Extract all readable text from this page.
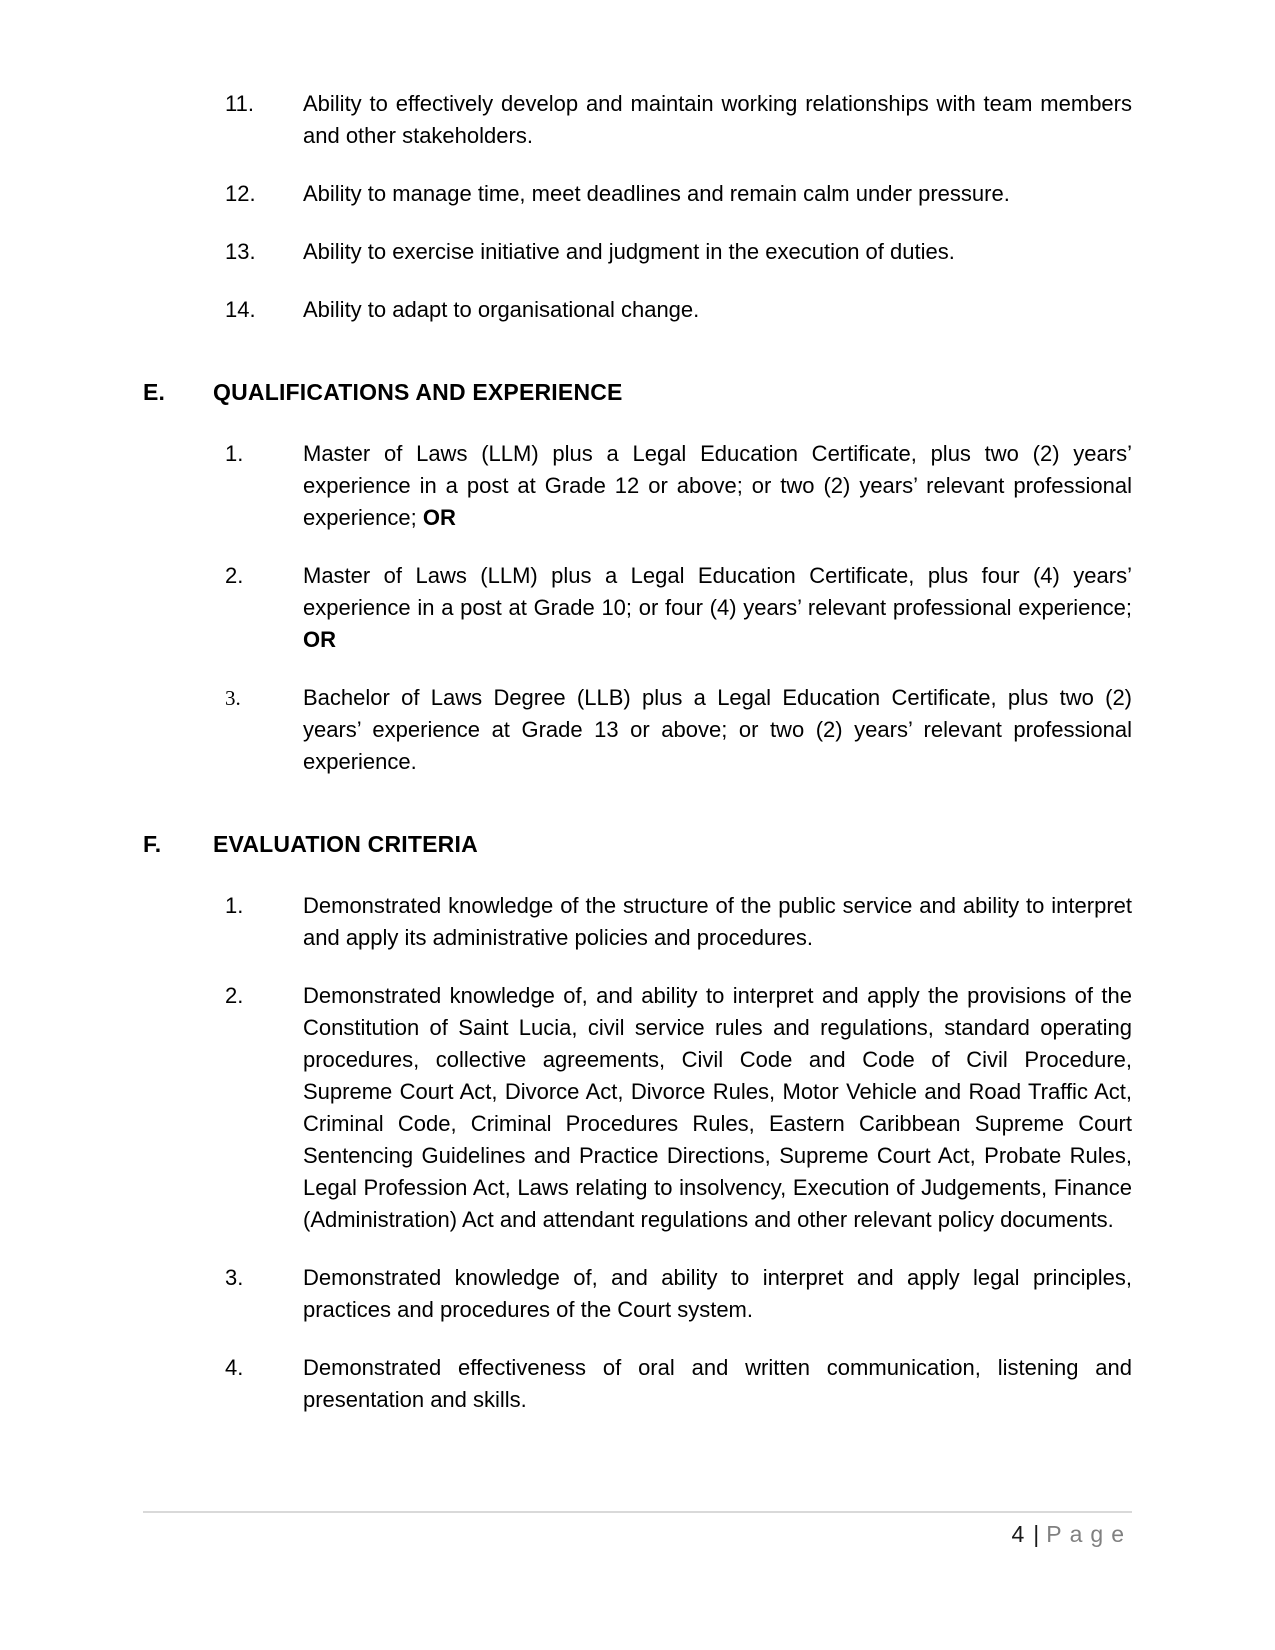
11.	Ability to effectively develop and maintain working relationships with team members and other stakeholders.

12.	Ability to manage time, meet deadlines and remain calm under pressure.

13.	Ability to exercise initiative and judgment in the execution of duties.

14.	Ability to adapt to organisational change.

E.	QUALIFICATIONS AND EXPERIENCE
1.	Master of Laws (LLM) plus a Legal Education Certificate, plus two (2) years’ experience in a post at Grade 12 or above; or two (2) years’ relevant professional experience; OR

2.	Master of Laws (LLM) plus a Legal Education Certificate, plus four (4) years’ experience in a post at Grade 10; or four (4) years’ relevant professional experience; OR

3.	Bachelor of Laws Degree (LLB) plus a Legal Education Certificate, plus two (2) years’ experience at Grade 13 or above; or two (2) years’ relevant professional experience.

F.	EVALUATION CRITERIA
1.	Demonstrated knowledge of the structure of the public service and ability to interpret and apply its administrative policies and procedures.

2.	Demonstrated knowledge of, and ability to interpret and apply the provisions of the Constitution of Saint Lucia, civil service rules and regulations, standard operating procedures, collective agreements, Civil Code and Code of Civil Procedure, Supreme Court Act, Divorce Act, Divorce Rules, Motor Vehicle and Road Traffic Act, Criminal Code, Criminal Procedures Rules, Eastern Caribbean Supreme Court Sentencing Guidelines and Practice Directions, Supreme Court Act, Probate Rules, Legal Profession Act, Laws relating to insolvency, Execution of Judgements, Finance (Administration) Act and attendant regulations and other relevant policy documents.

3.	Demonstrated knowledge of, and ability to interpret and apply legal principles, practices and procedures of the Court system.

4.	Demonstrated effectiveness of oral and written communication, listening and presentation and skills.

4 | Page
